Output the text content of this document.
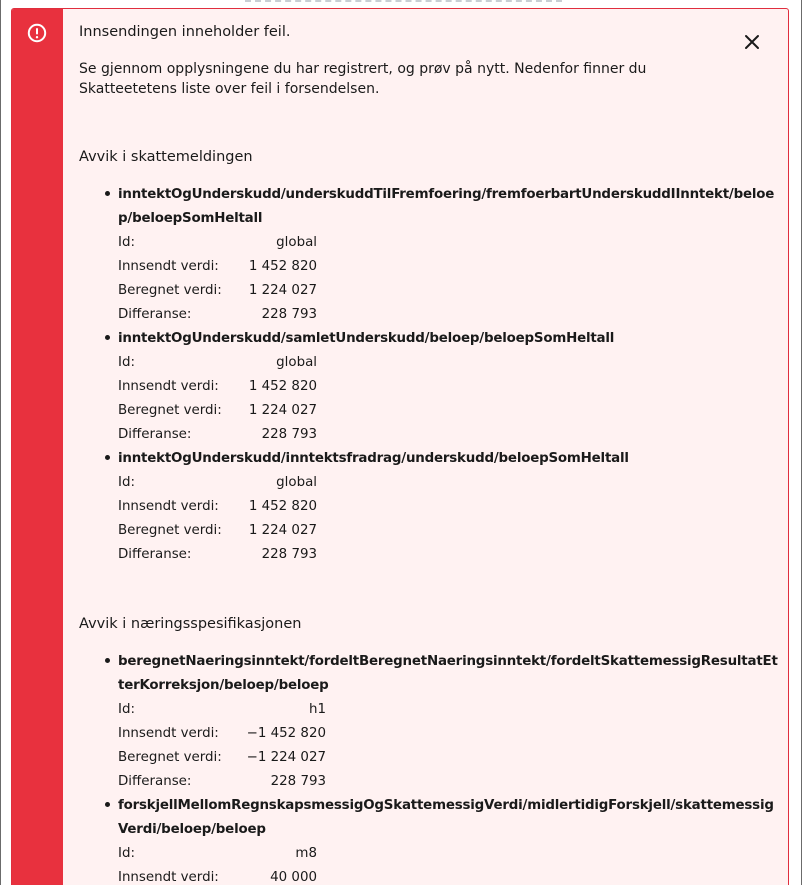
Innsendingen inneholder feil.
Se gjennom opplysningene du har registrert, og prøv på nytt. Nedenfor finner du Skatteetetens liste over feil i forsendelsen.
Avvik i skattemeldingen
inntektOgUnderskudd/underskuddTilFremfoering/fremfoerbartUnderskuddIInntekt/beloep/beloepSomHeltall
Id:	global
Innsendt verdi:	1 452 820
Beregnet verdi:	1 224 027
Differanse:	228 793
inntektOgUnderskudd/samletUnderskudd/beloep/beloepSomHeltall
Id:	global
Innsendt verdi:	1 452 820
Beregnet verdi:	1 224 027
Differanse:	228 793
inntektOgUnderskudd/inntektsfradrag/underskudd/beloepSomHeltall
Id:	global
Innsendt verdi:	1 452 820
Beregnet verdi:	1 224 027
Differanse:	228 793
Avvik i næringsspesifikasjonen
beregnetNaeringsinntekt/fordeltBeregnetNaeringsinntekt/fordeltSkattemessigResultatEtterKorreksjon/beloep/beloep
Id:	h1
Innsendt verdi:	−1 452 820
Beregnet verdi:	−1 224 027
Differanse:	228 793
forskjellMellomRegnskapsmessigOgSkattemessigVerdi/midlertidigForskjell/skattemessigVerdi/beloep/beloep
Id:	m8
Innsendt verdi:	40 000
